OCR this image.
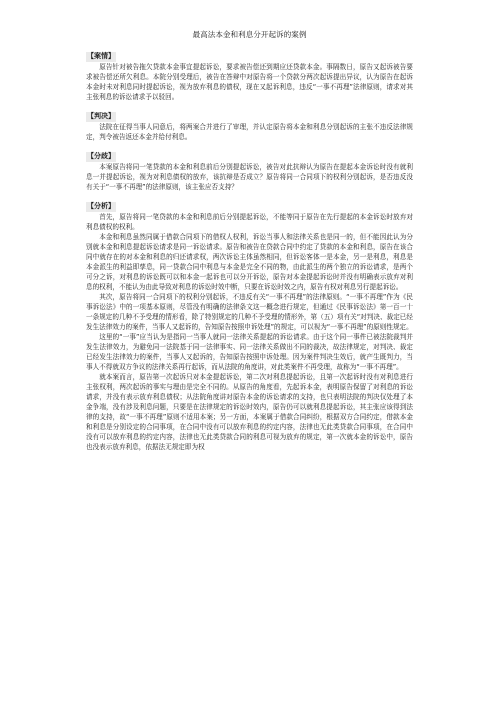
最高法本金和利息分开起诉的案例
【案情】

原告针对被告拖欠贷款本金事宜提起诉讼，要求被告偿还到期应还贷款本金。事隔数日，原告又起诉被告要求被告偿还所欠利息。本院分别受理后，被告在答辩中对原告将一个贷款分两次起诉提出异议，认为原告在起诉本金时未对利息同时提起诉讼，视为放弃利息的债权，现在又起诉利息，违反“一事不再理”法律原则，请求对其主张利息的诉讼请求予以驳回。

【判决】

法院在征得当事人同意后，将两案合并进行了审理，并认定原告将本金和利息分别起诉的主张不违反法律规定，判令被告返还本金并给付利息。

【分歧】

本案原告将同一笔贷款的本金和利息前后分别提起诉讼，被告对此抗辩认为原告在提起本金诉讼时没有就利息一并提起诉讼，视为对利息债权的放弃，该抗辩是否成立？原告将同一合同项下的权利分别起诉，是否违反没有关于“一事不再理”的法律原则，该主张应否支持？

【分析】

首先，原告将同一笔贷款的本金和利息前后分别提起诉讼，不能等同于原告在先行提起的本金诉讼时放弃对利息债权的权利。

本金和利息虽然同属于借款合同项下的借权人权利，诉讼当事人和法律关系也是同一的，但不能因此认为分别就本金和利息提起诉讼请求是同一诉讼请求。原告和被告在贷款合同中约定了贷款的本金和利息，原告在该合同中就存在的对本金和利息的归还请求权，两次诉讼主体虽然相同，但诉讼客体一是本金，另一是利息，利息是本金派生的利益即孳息，同一贷款合同中利息与本金是完全不同的物，由此派生的两个独立的诉讼请求，是两个可分之诉，对利息的诉讼既可以和本金一起诉也可以分开诉讼，原告对本金提起诉讼时并没有明确表示放弃对利息的权利，不能认为由此导致对利息的诉讼时效中断，只要在诉讼时效之内，原告有权对利息另行提起诉讼。

其次，原告将同一合同项下的权利分别起诉，不违反有关“一事不再理”的法律原则。“一事不再理”作为《民事诉讼法》中的一项基本原则，尽管没有明确的法律条文这一概念进行规定，但通过《民事诉讼法》第一百一十一条规定的几种不予受理的情形看，除了特别规定的几种不予受理的情形外，第（五）项有关“对判决、裁定已经发生法律效力的案件，当事人又起诉的，告知原告按照申诉处理”的规定，可以视为“一事不再理”的原则性规定。

这里的“一事”应当认为是指同一当事人就同一法律关系提起的诉讼请求。由于这个同一事件已被法院裁判并发生法律效力，为避免同一法院基于同一法律事实、同一法律关系做出不同的裁决，故法律规定，对判决、裁定已经发生法律效力的案件，当事人又起诉的，告知原告按照申诉处理。因为案件判决生效后，就产生既判力，当事人不得就双方争议的法律关系再行起诉，而从法院的角度讲，对此类案件不再受理，故称为“一事不再理”。

就本案而言，原告第一次起诉只对本金提起诉讼，第二次对利息提起诉讼，且第一次起诉时没有对利息进行主张权利，两次起诉的事实与理由是完全不同的。从原告的角度看，先起诉本金，表明原告保留了对利息的诉讼请求，并没有表示放弃利息债权；从法院角度讲对原告本金的诉讼请求的支持，也只表明法院的判决仅处理了本金争端，没有涉及利息问题，只要是在法律规定的诉讼时效内，原告仍可以就利息提起诉讼，其主张应该得到法律的支持，故“一事不再理”原则不适用本案；另一方面，本案属于借款合同纠纷，根据双方合同约定，借款本金和利息是分别设定的合同事项，在合同中没有可以放弃利息的约定内容，法律也无此类贷款合同事项，在合同中没有可以放弃利息的约定内容，法律也无此类贷款合同的利息可视为放弃的规定，第一次就本金的诉讼中，原告也没表示放弃利息，依据法无规定即为权
